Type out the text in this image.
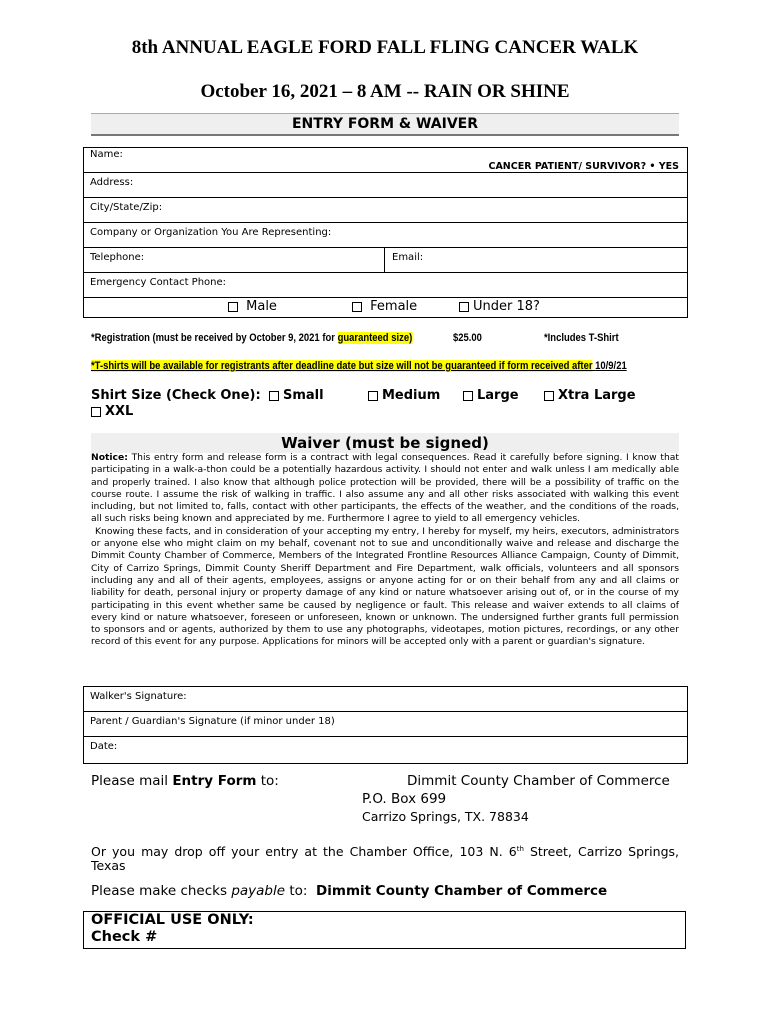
8th ANNUAL EAGLE FORD FALL FLING CANCER WALK
October 16, 2021 – 8 AM -- RAIN OR SHINE
ENTRY FORM & WAIVER
Name:
CANCER PATIENT/ SURVIVOR? • YES
Address:
City/State/Zip:
Company or Organization You Are Representing:
Telephone:	Email:
Emergency Contact Phone:
Male	Female	Under 18?
*Registration (must be received by October 9, 2021 for guaranteed size)	$25.00	*Includes T-Shirt
*T-shirts will be available for registrants after deadline date but size will not be guaranteed if form received after 10/9/21
Shirt Size (Check One):	Small	Medium	Large	Xtra Large
XXL
Waiver (must be signed)

Notice: This entry form and release form is a contract with legal consequences. Read it carefully before signing. I know that participating in a walk-a-thon could be a potentially hazardous activity. I should not enter and walk unless I am medically able and properly trained. I also know that although police protection will be provided, there will be a possibility of traffic on the course route. I assume the risk of walking in traffic. I also assume any and all other risks associated with walking this event including, but not limited to, falls, contact with other participants, the effects of the weather, and the conditions of the roads, all such risks being known and appreciated by me. Furthermore I agree to yield to all emergency vehicles.

Knowing these facts, and in consideration of your accepting my entry, I hereby for myself, my heirs, executors, administrators or anyone else who might claim on my behalf, covenant not to sue and unconditionally waive and release and discharge the Dimmit County Chamber of Commerce, Members of the Integrated Frontline Resources Alliance Campaign, County of Dimmit, City of Carrizo Springs, Dimmit County Sheriff Department and Fire Department, walk officials, volunteers and all sponsors including any and all of their agents, employees, assigns or anyone acting for or on their behalf from any and all claims or liability for death, personal injury or property damage of any kind or nature whatsoever arising out of, or in the course of my participating in this event whether same be caused by negligence or fault. This release and waiver extends to all claims of every kind or nature whatsoever, foreseen or unforeseen, known or unknown. The undersigned further grants full permission to sponsors and or agents, authorized by them to use any photographs, videotapes, motion pictures, recordings, or any other record of this event for any purpose. Applications for minors will be accepted only with a parent or guardian's signature.

Walker's Signature:
Parent / Guardian's Signature (if minor under 18)
Date:
Please mail Entry Form to:	Dimmit County Chamber of Commerce
P.O. Box 699
Carrizo Springs, TX. 78834
Or you may drop off your entry at the Chamber Office, 103 N. 6th Street, Carrizo Springs, Texas
Please make checks payable to: Dimmit County Chamber of Commerce
OFFICIAL USE ONLY:
Check #
